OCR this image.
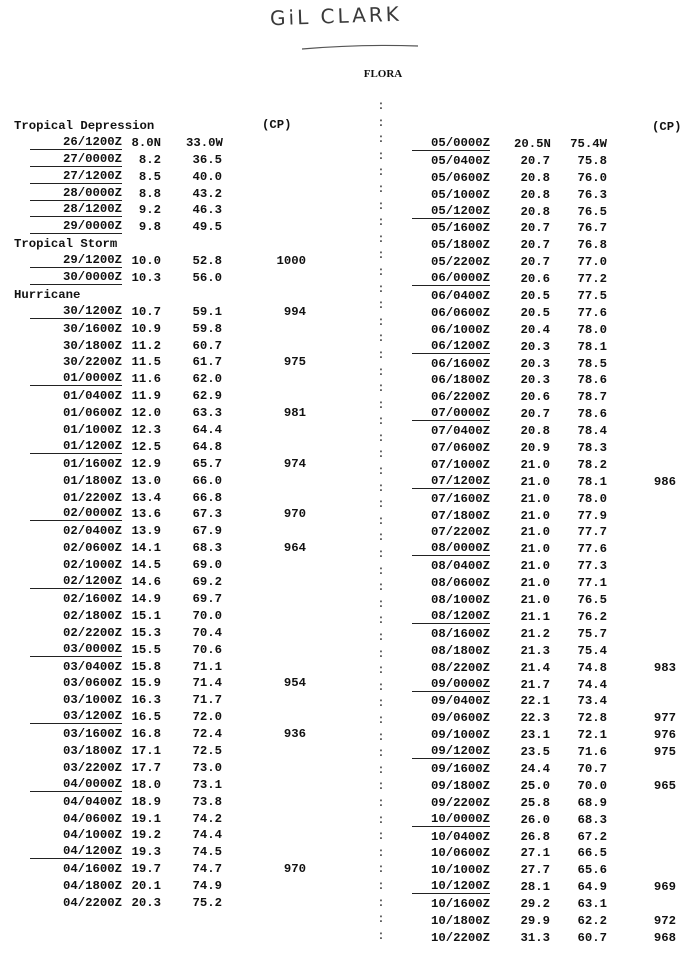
GiL CLARK
FLORA
(CP)	(CP)
Tropical Depression
26/1200Z 8.0N 33.0W
27/0000Z	8.2	36.5
27/1200Z	8.5	40.0
28/0000Z	8.8	43.2
28/1200Z	9.2	46.3
29/0000Z	9.8	49.5
Tropical Storm
29/1200Z 10.0	52.8	1000
30/0000Z 10.3	56.0
Hurricane
30/1200Z 10.7	59.1	994
30/1600Z 10.9	59.8
30/1800Z 11.2	60.7
30/2200Z 11.5	61.7	975
01/0000Z 11.6	62.0
01/0400Z 11.9	62.9
01/0600Z 12.0	63.3	981
01/1000Z 12.3	64.4
01/1200Z 12.5	64.8
01/1600Z 12.9	65.7	974
01/1800Z 13.0	66.0
01/2200Z 13.4	66.8
02/0000Z 13.6	67.3	970
02/0400Z 13.9	67.9
02/0600Z 14.1	68.3	964
02/1000Z 14.5	69.0
02/1200Z 14.6	69.2
02/1600Z 14.9	69.7
02/1800Z 15.1	70.0
02/2200Z 15.3	70.4
03/0000Z 15.5	70.6
03/0400Z 15.8	71.1
03/0600Z 15.9	71.4	954
03/1000Z 16.3	71.7
03/1200Z 16.5	72.0
03/1600Z 16.8	72.4	936
03/1800Z 17.1	72.5
03/2200Z 17.7	73.0
04/0000Z 18.0	73.1
04/0400Z 18.9	73.8
04/0600Z 19.1	74.2
04/1000Z 19.2	74.4
04/1200Z 19.3	74.5
04/1600Z 19.7	74.7	970
04/1800Z 20.1	74.9
04/2200Z 20.3	75.2
:
:
:
:
:
:
:
:
:
:
:
:
:
:
:
:
:
:
:
:
:
:
:
:
:
:
:
:
:
:
:
:
:
:
:
:
:
:
:
:
:
:
:
:
:
:
:
:
:
:
:
05/0000Z 20.5N 75.4W
05/0400Z	20.7	75.8
05/0600Z	20.8	76.0
05/1000Z	20.8	76.3
05/1200Z	20.8	76.5
05/1600Z	20.7	76.7
05/1800Z	20.7	76.8
05/2200Z	20.7	77.0
06/0000Z	20.6	77.2
06/0400Z	20.5	77.5
06/0600Z	20.5	77.6
06/1000Z	20.4	78.0
06/1200Z	20.3	78.1
06/1600Z	20.3	78.5
06/1800Z	20.3	78.6
06/2200Z	20.6	78.7
07/0000Z	20.7	78.6
07/0400Z	20.8	78.4
07/0600Z	20.9	78.3
07/1000Z	21.0	78.2
07/1200Z	21.0	78.1	986
07/1600Z	21.0	78.0
07/1800Z	21.0	77.9
07/2200Z	21.0	77.7
08/0000Z	21.0	77.6
08/0400Z	21.0	77.3
08/0600Z	21.0	77.1
08/1000Z	21.0	76.5
08/1200Z	21.1	76.2
08/1600Z	21.2	75.7
08/1800Z	21.3	75.4
08/2200Z	21.4	74.8	983
09/0000Z	21.7	74.4
09/0400Z	22.1	73.4
09/0600Z	22.3	72.8	977
09/1000Z	23.1	72.1	976
09/1200Z	23.5	71.6	975
09/1600Z	24.4	70.7
09/1800Z	25.0	70.0	965
09/2200Z	25.8	68.9
10/0000Z	26.0	68.3
10/0400Z	26.8	67.2
10/0600Z	27.1	66.5
10/1000Z	27.7	65.6
10/1200Z	28.1	64.9	969
10/1600Z	29.2	63.1
10/1800Z	29.9	62.2	972
10/2200Z	31.3	60.7	968
